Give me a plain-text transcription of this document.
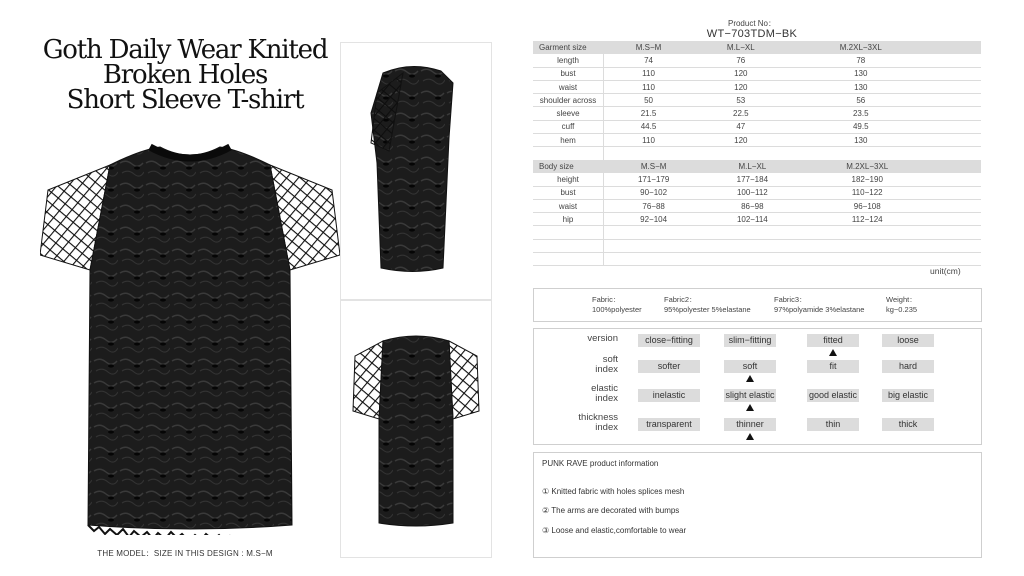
Goth Daily Wear Knited
Broken Holes
Short Sleeve T-shirt
THE MODEL：SIZE IN THIS DESIGN : M.S−M
Product No：
WT−703TDM−BK
Garment size	M.S−M	M.L−XL	M.2XL−3XL	
length	74	76	78	
bust	110	120	130	
waist	110	120	130	
shoulder across	50	53	56	
sleeve	21.5	22.5	23.5	
cuff	44.5	47	49.5	
hem	110	120	130	

Body size	M.S−M	M.L−XL	M.2XL−3XL	
height	171−179	177−184	182−190	
bust	90−102	100−112	110−122	
waist	76−88	86−98	96−108	
hip	92−104	102−114	112−124	

unit(cm)
Fabric：
100%polyester
Fabric2：
95%polyester 5%elastane
Fabric3：
97%polyamide 3%elastane
Weight：
kg−0.235
version	close−fitting	slim−fitting	fitted	loose
soft
index	softer	soft	fit	hard
elastic
index	inelastic	slight elastic	good elastic	big elastic
thickness
index	transparent	thinner	thin	thick
PUNK RAVE product information
① Knitted fabric with holes splices mesh
② The arms are decorated with bumps
③ Loose and elastic,comfortable to wear
